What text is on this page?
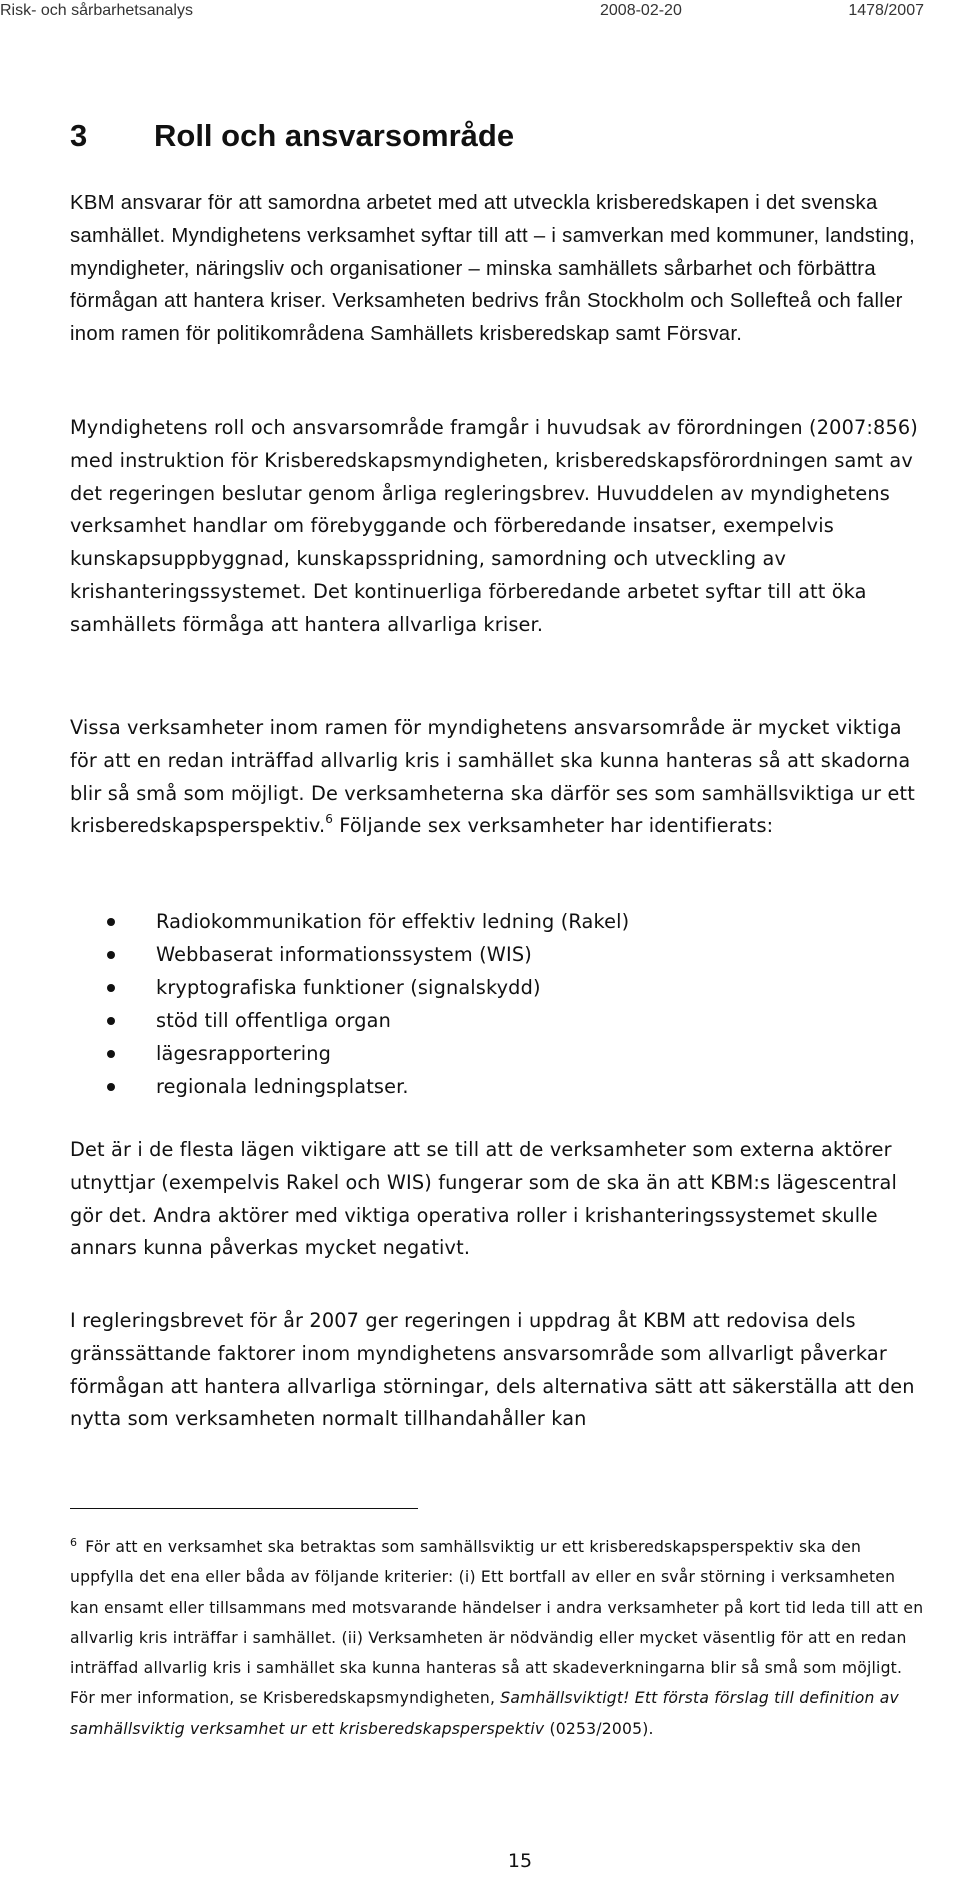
Risk- och sårbarhetsanalys	2008-02-20	1478/2007
3 Roll och ansvarsområde

KBM ansvarar för att samordna arbetet med att utveckla krisberedskapen i det svenska samhället. Myndighetens verksamhet syftar till att – i samverkan med kommuner, landsting, myndigheter, näringsliv och organisationer – minska samhällets sårbarhet och förbättra förmågan att hantera kriser. Verksamheten bedrivs från Stockholm och Sollefteå och faller inom ramen för politikområdena Samhällets krisberedskap samt Försvar.

Myndighetens roll och ansvarsområde framgår i huvudsak av förordningen (2007:856) med instruktion för Krisberedskapsmyndigheten, krisberedskapsförordningen samt av det regeringen beslutar genom årliga regleringsbrev. Huvuddelen av myndighetens verksamhet handlar om förebyggande och förberedande insatser, exempelvis kunskapsuppbyggnad, kunskapsspridning, samordning och utveckling av krishanteringssystemet. Det kontinuerliga förberedande arbetet syftar till att öka samhällets förmåga att hantera allvarliga kriser.

Vissa verksamheter inom ramen för myndighetens ansvarsområde är mycket viktiga för att en redan inträffad allvarlig kris i samhället ska kunna hanteras så att skadorna blir så små som möjligt. De verksamheterna ska därför ses som samhällsviktiga ur ett krisberedskapsperspektiv.$^6$ Följande sex verksamheter har identifierats:

Radiokommunikation för effektiv ledning (Rakel)
Webbaserat informationssystem (WIS)
kryptografiska funktioner (signalskydd)
stöd till offentliga organ
lägesrapportering
regionala ledningsplatser.

Det är i de flesta lägen viktigare att se till att de verksamheter som externa aktörer utnyttjar (exempelvis Rakel och WIS) fungerar som de ska än att KBM:s lägescentral gör det. Andra aktörer med viktiga operativa roller i krishanteringssystemet skulle annars kunna påverkas mycket negativt.

I regleringsbrevet för år 2007 ger regeringen i uppdrag åt KBM att redovisa dels gränssättande faktorer inom myndighetens ansvarsområde som allvarligt påverkar förmågan att hantera allvarliga störningar, dels alternativa sätt att säkerställa att den nytta som verksamheten normalt tillhandahåller kan

$^6$ För att en verksamhet ska betraktas som samhällsviktig ur ett krisberedskapsperspektiv ska den uppfylla det ena eller båda av följande kriterier: (i) Ett bortfall av eller en svår störning i verksamheten kan ensamt eller tillsammans med motsvarande händelser i andra verksamheter på kort tid leda till att en allvarlig kris inträffar i samhället. (ii) Verksamheten är nödvändig eller mycket väsentlig för att en redan inträffad allvarlig kris i samhället ska kunna hanteras så att skadeverkningarna blir så små som möjligt. För mer information, se Krisberedskapsmyndigheten, Samhällsviktigt! Ett första förslag till definition av samhällsviktig verksamhet ur ett krisberedskapsperspektiv (0253/2005).

15
